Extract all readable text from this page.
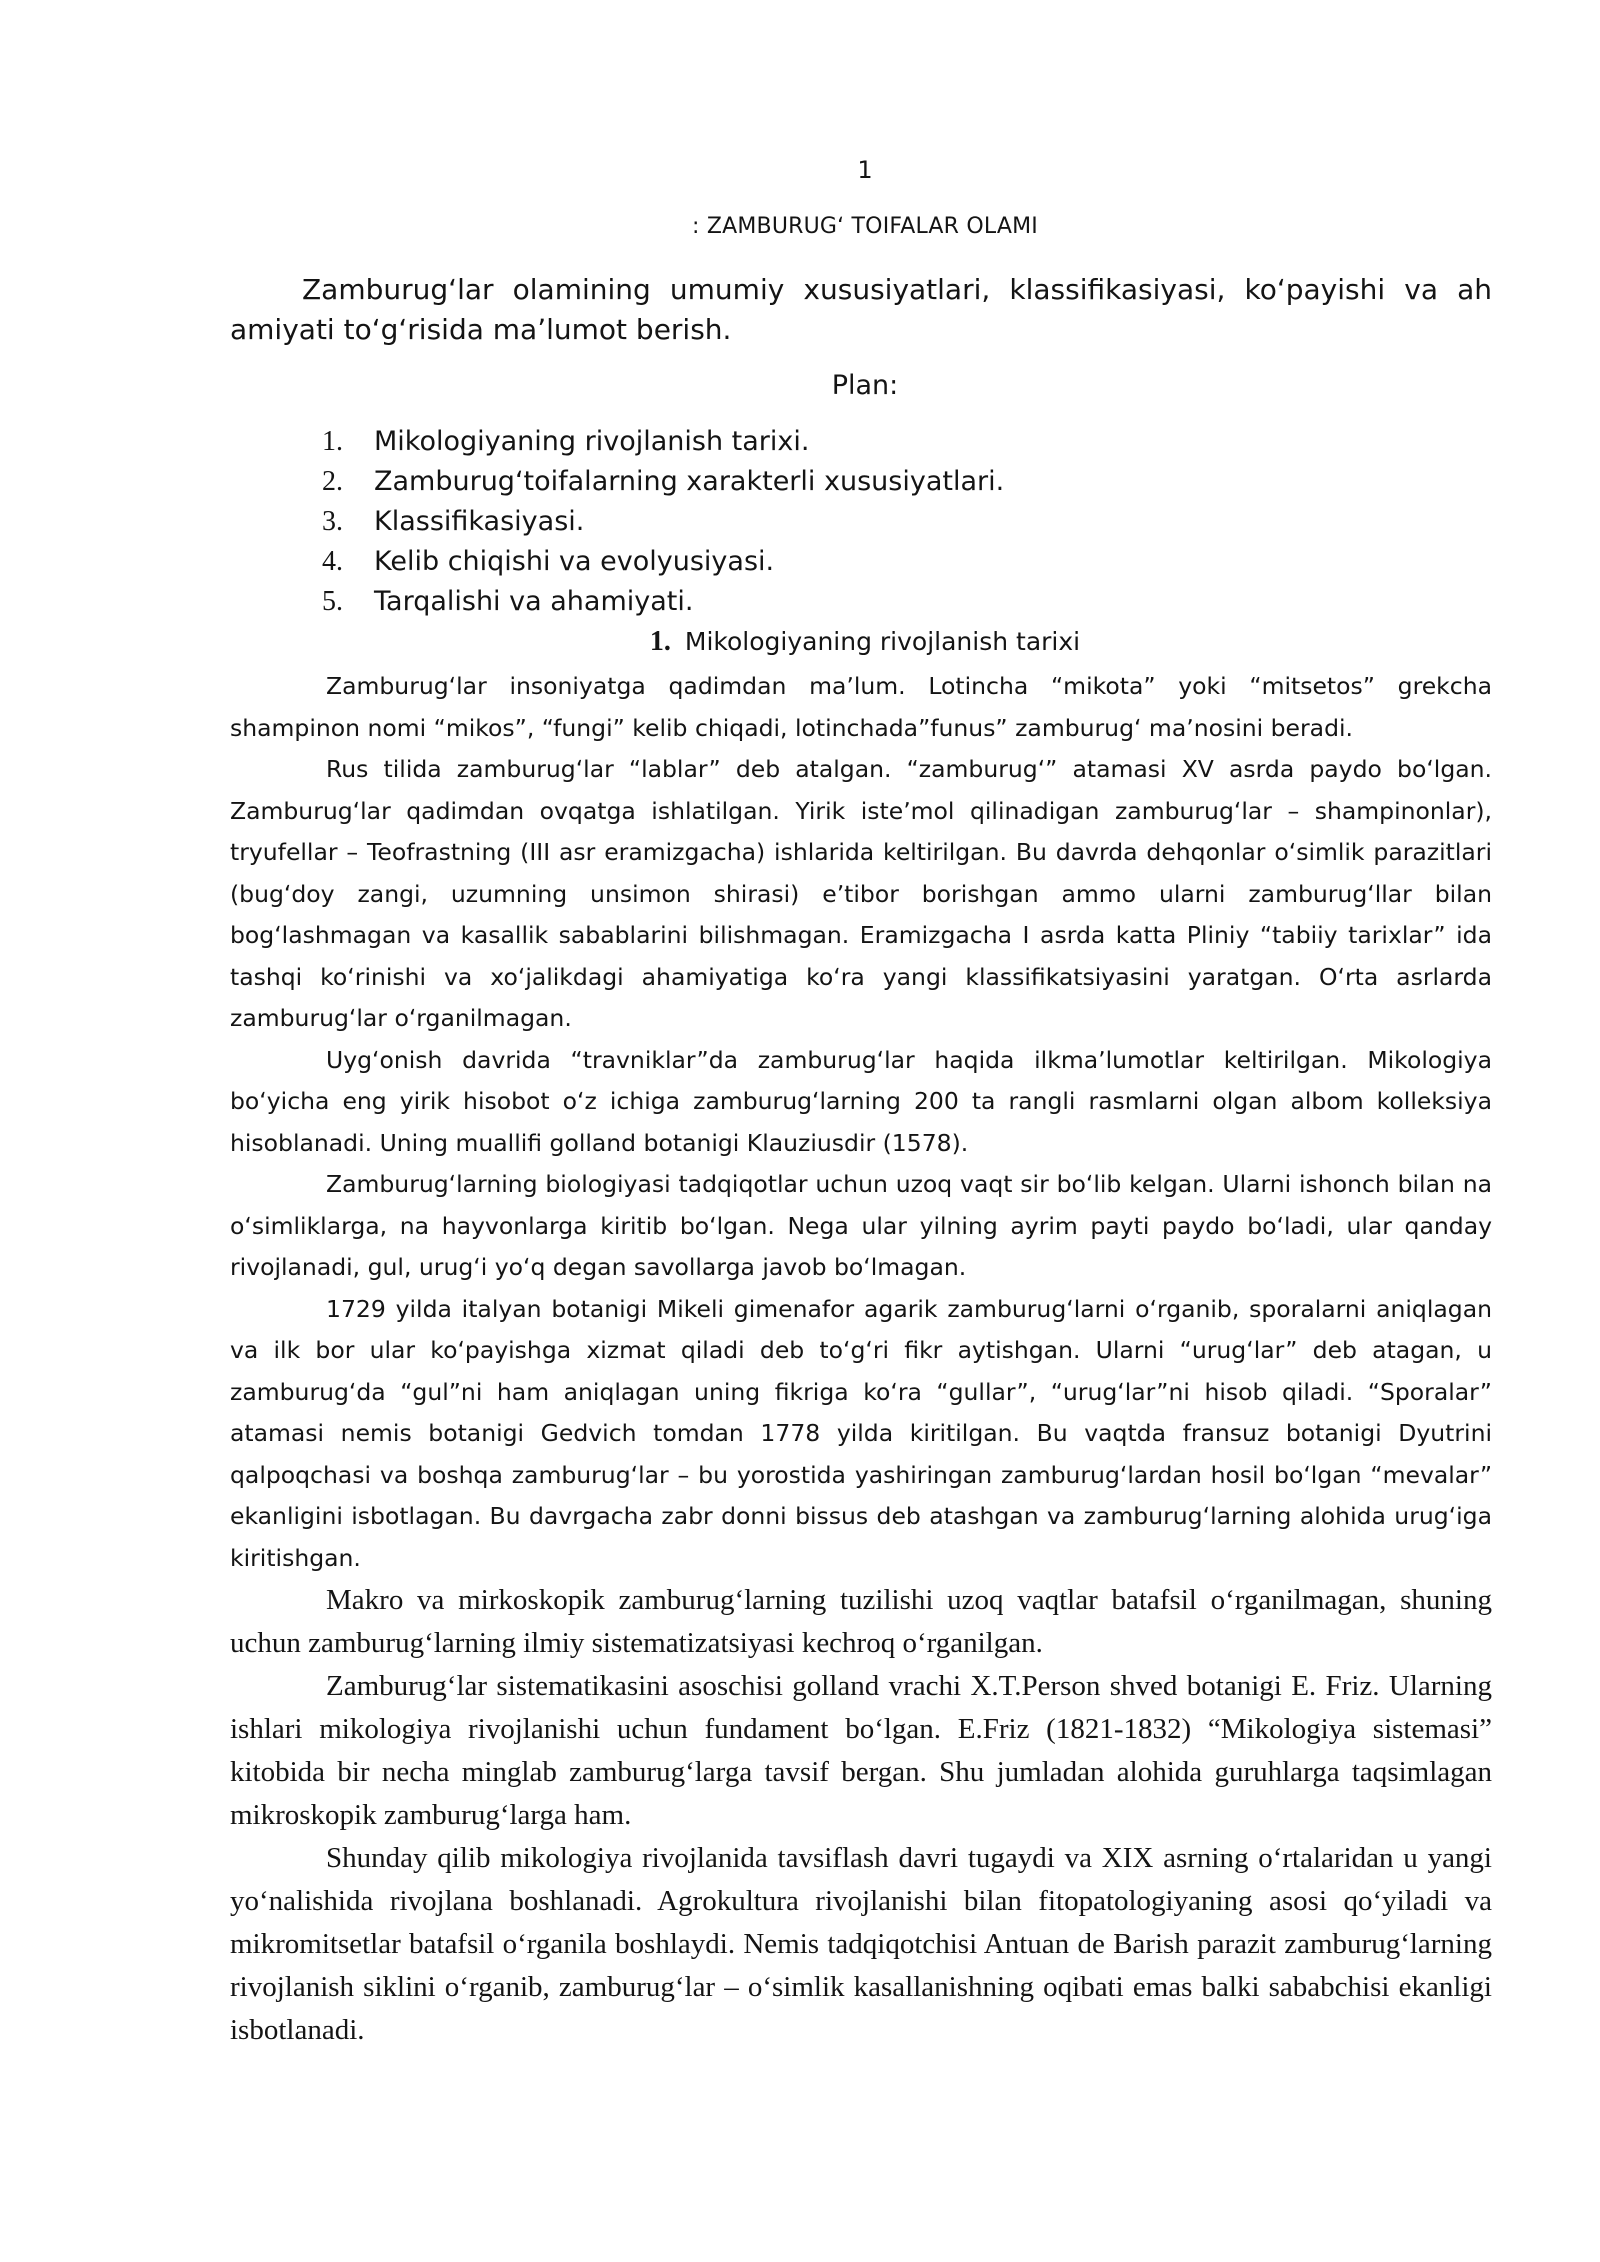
1
: ZAMBURUGʻ TOIFALAR OLAMI

Zamburugʻlar olamining umumiy xususiyatlari, klassifikasiyasi, koʻpayishi va ah amiyati toʻgʻrisida maʼlumot berish.

Plan:
1. Mikologiyaning rivojlanish tarixi.
2. Zamburugʻtoifalarning xarakterli xususiyatlari.
3. Klassifikasiyasi.
4. Kelib chiqishi va evolyusiyasi.
5. Tarqalishi va ahamiyati.
1. Mikologiyaning rivojlanish tarixi

Zamburugʻlar insoniyatga qadimdan maʼlum. Lotincha “mikota” yoki “mitsetos” grekcha shampinon nomi “mikos”, “fungi” kelib chiqadi, lotinchada”funus” zamburugʻ maʼnosini beradi.

Rus tilida zamburugʻlar “lablar” deb atalgan. “zamburugʻ” atamasi XV asrda paydo boʻlgan. Zamburugʻlar qadimdan ovqatga ishlatilgan. Yirik isteʼmol qilinadigan zamburugʻlar – shampinonlar), tryufellar – Teofrastning (III asr eramizgacha) ishlarida keltirilgan. Bu davrda dehqonlar oʻsimlik parazitlari (bugʻdoy zangi, uzumning unsimon shirasi) eʼtibor borishgan ammo ularni zamburugʻllar bilan bogʻlashmagan va kasallik sabablarini bilishmagan. Eramizgacha I asrda katta Pliniy “tabiiy tarixlar” ida tashqi koʻrinishi va xoʻjalikdagi ahamiyatiga koʻra yangi klassifikatsiyasini yaratgan. Oʻrta asrlarda zamburugʻlar oʻrganilmagan.

Uygʻonish davrida “travniklar”da zamburugʻlar haqida ilkmaʼlumotlar keltirilgan. Mikologiya boʻyicha eng yirik hisobot oʻz ichiga zamburugʻlarning 200 ta rangli rasmlarni olgan albom kolleksiya hisoblanadi. Uning muallifi golland botanigi Klauziusdir (1578).

Zamburugʻlarning biologiyasi tadqiqotlar uchun uzoq vaqt sir boʻlib kelgan. Ularni ishonch bilan na oʻsimliklarga, na hayvonlarga kiritib boʻlgan. Nega ular yilning ayrim payti paydo boʻladi, ular qanday rivojlanadi, gul, urugʻi yoʻq degan savollarga javob boʻlmagan.

1729 yilda italyan botanigi Mikeli gimenafor agarik zamburugʻlarni oʻrganib, sporalarni aniqlagan va ilk bor ular koʻpayishga xizmat qiladi deb toʻgʻri fikr aytishgan. Ularni “urugʻlar” deb atagan, u zamburugʻda “gul”ni ham aniqlagan uning fikriga koʻra “gullar”, “urugʻlar”ni hisob qiladi. “Sporalar” atamasi nemis botanigi Gedvich tomdan 1778 yilda kiritilgan. Bu vaqtda fransuz botanigi Dyutrini qalpoqchasi va boshqa zamburugʻlar – bu yorostida yashiringan zamburugʻlardan hosil boʻlgan “mevalar” ekanligini isbotlagan. Bu davrgacha zabr donni bissus deb atashgan va zamburugʻlarning alohida urugʻiga kiritishgan.

Makro va mirkoskopik zamburugʻlarning tuzilishi uzoq vaqtlar batafsil oʻrganilmagan, shuning uchun zamburugʻlarning ilmiy sistematizatsiyasi kechroq oʻrganilgan.

Zamburugʻlar sistematikasini asoschisi golland vrachi X.T.Person shved botanigi E. Friz. Ularning ishlari mikologiya rivojlanishi uchun fundament boʻlgan. E.Friz (1821-1832) “Mikologiya sistemasi” kitobida bir necha minglab zamburugʻlarga tavsif bergan. Shu jumladan alohida guruhlarga taqsimlagan mikroskopik zamburugʻlarga ham.

Shunday qilib mikologiya rivojlanida tavsiflash davri tugaydi va XIX asrning oʻrtalaridan u yangi yoʻnalishida rivojlana boshlanadi. Agrokultura rivojlanishi bilan fitopatologiyaning asosi qoʻyiladi va mikromitsetlar batafsil oʻrganila boshlaydi. Nemis tadqiqotchisi Antuan de Barish parazit zamburugʻlarning rivojlanish siklini oʻrganib, zamburugʻlar – oʻsimlik kasallanishning oqibati emas balki sababchisi ekanligi isbotlanadi.
